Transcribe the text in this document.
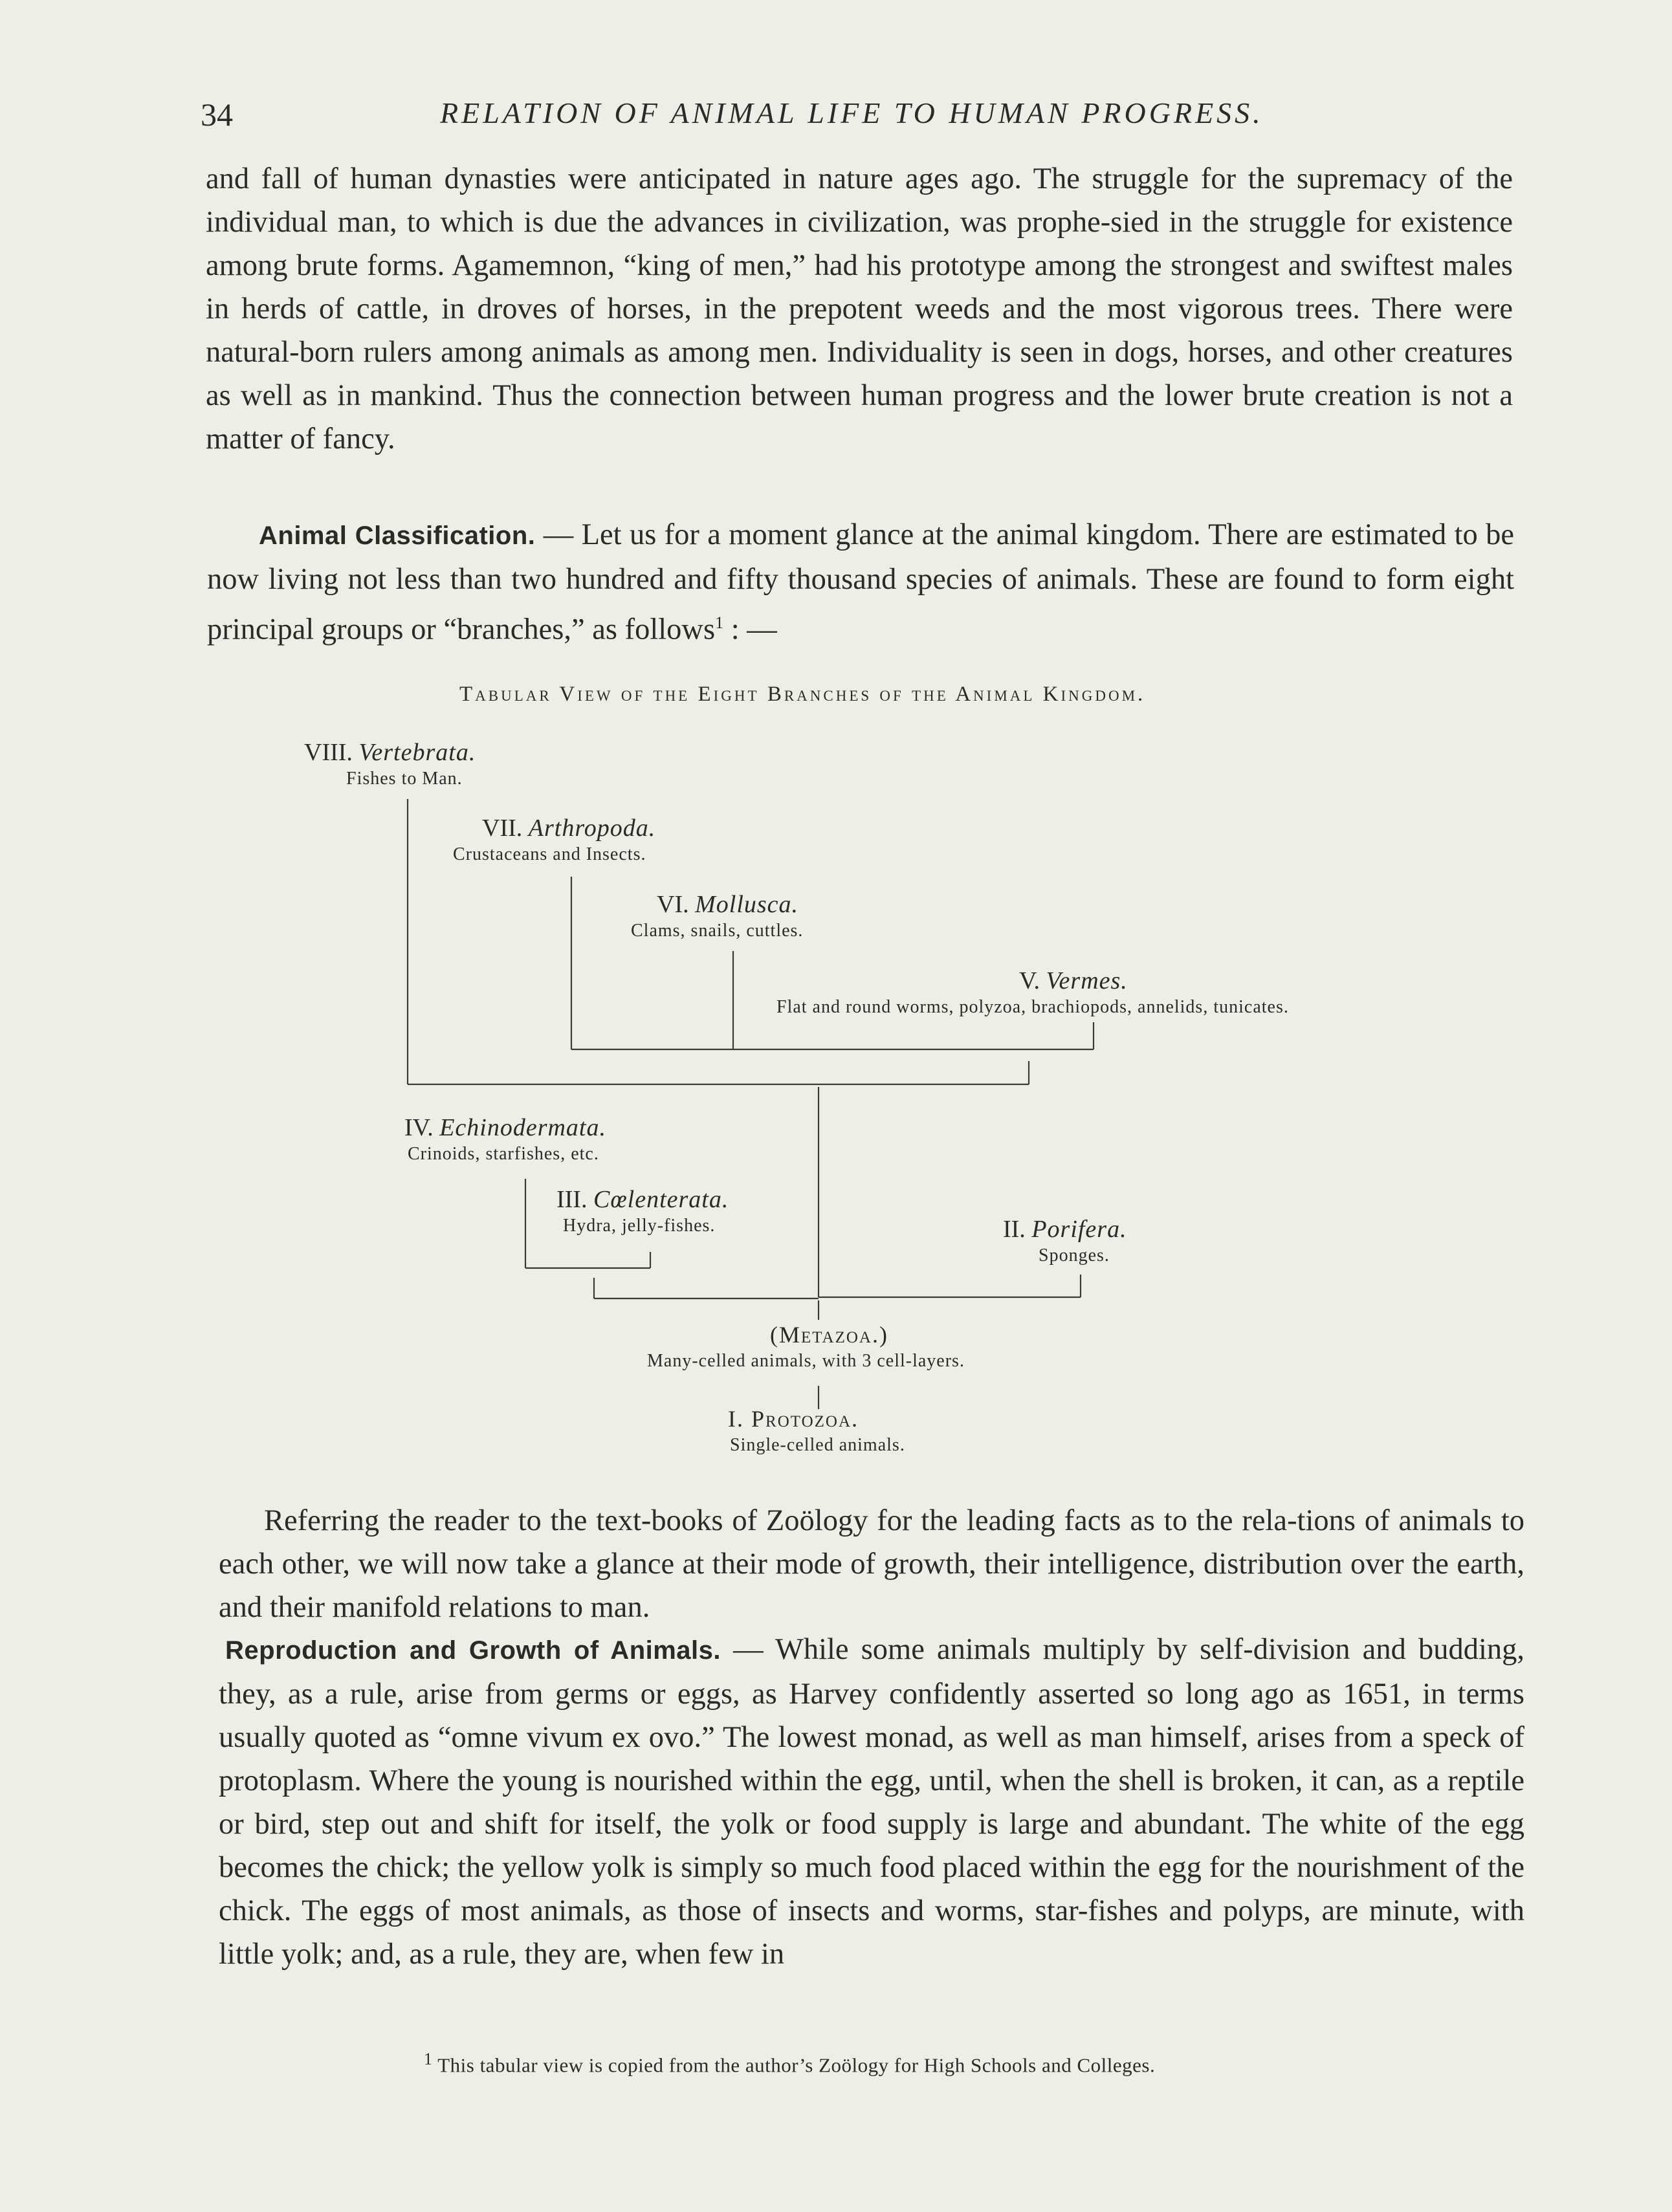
34	RELATION OF ANIMAL LIFE TO HUMAN PROGRESS.

and fall of human dynasties were anticipated in nature ages ago. The struggle for the supremacy of the individual man, to which is due the advances in civilization, was prophe-sied in the struggle for existence among brute forms. Agamemnon, “king of men,” had his prototype among the strongest and swiftest males in herds of cattle, in droves of horses, in the prepotent weeds and the most vigorous trees. There were natural-born rulers among animals as among men. Individuality is seen in dogs, horses, and other creatures as well as in mankind. Thus the connection between human progress and the lower brute creation is not a matter of fancy.

Animal Classification. — Let us for a moment glance at the animal kingdom. There are estimated to be now living not less than two hundred and fifty thousand species of animals. These are found to form eight principal groups or “branches,” as follows$^1$ : —

Tabular View of the Eight Branches of the Animal Kingdom.
VIII. Vertebrata.
Fishes to Man.
VII. Arthropoda.
Crustaceans and Insects.
VI. Mollusca.
Clams, snails, cuttles.
V. Vermes.
Flat and round worms, polyzoa, brachiopods, annelids, tunicates.
IV. Echinodermata.
Crinoids, starfishes, etc.
III. Cœlenterata.
Hydra, jelly-fishes.	II. Porifera.
Sponges.
(Metazoa.)
Many-celled animals, with 3 cell-layers.
I. Protozoa.
Single-celled animals.

Referring the reader to the text-books of Zoölogy for the leading facts as to the rela-tions of animals to each other, we will now take a glance at their mode of growth, their intelligence, distribution over the earth, and their manifold relations to man.

Reproduction and Growth of Animals. — While some animals multiply by self-division and budding, they, as a rule, arise from germs or eggs, as Harvey confidently asserted so long ago as 1651, in terms usually quoted as “omne vivum ex ovo.” The lowest monad, as well as man himself, arises from a speck of protoplasm. Where the young is nourished within the egg, until, when the shell is broken, it can, as a reptile or bird, step out and shift for itself, the yolk or food supply is large and abundant. The white of the egg becomes the chick; the yellow yolk is simply so much food placed within the egg for the nourishment of the chick. The eggs of most animals, as those of insects and worms, star-fishes and polyps, are minute, with little yolk; and, as a rule, they are, when few in

$^1$ This tabular view is copied from the author’s Zoölogy for High Schools and Colleges.
